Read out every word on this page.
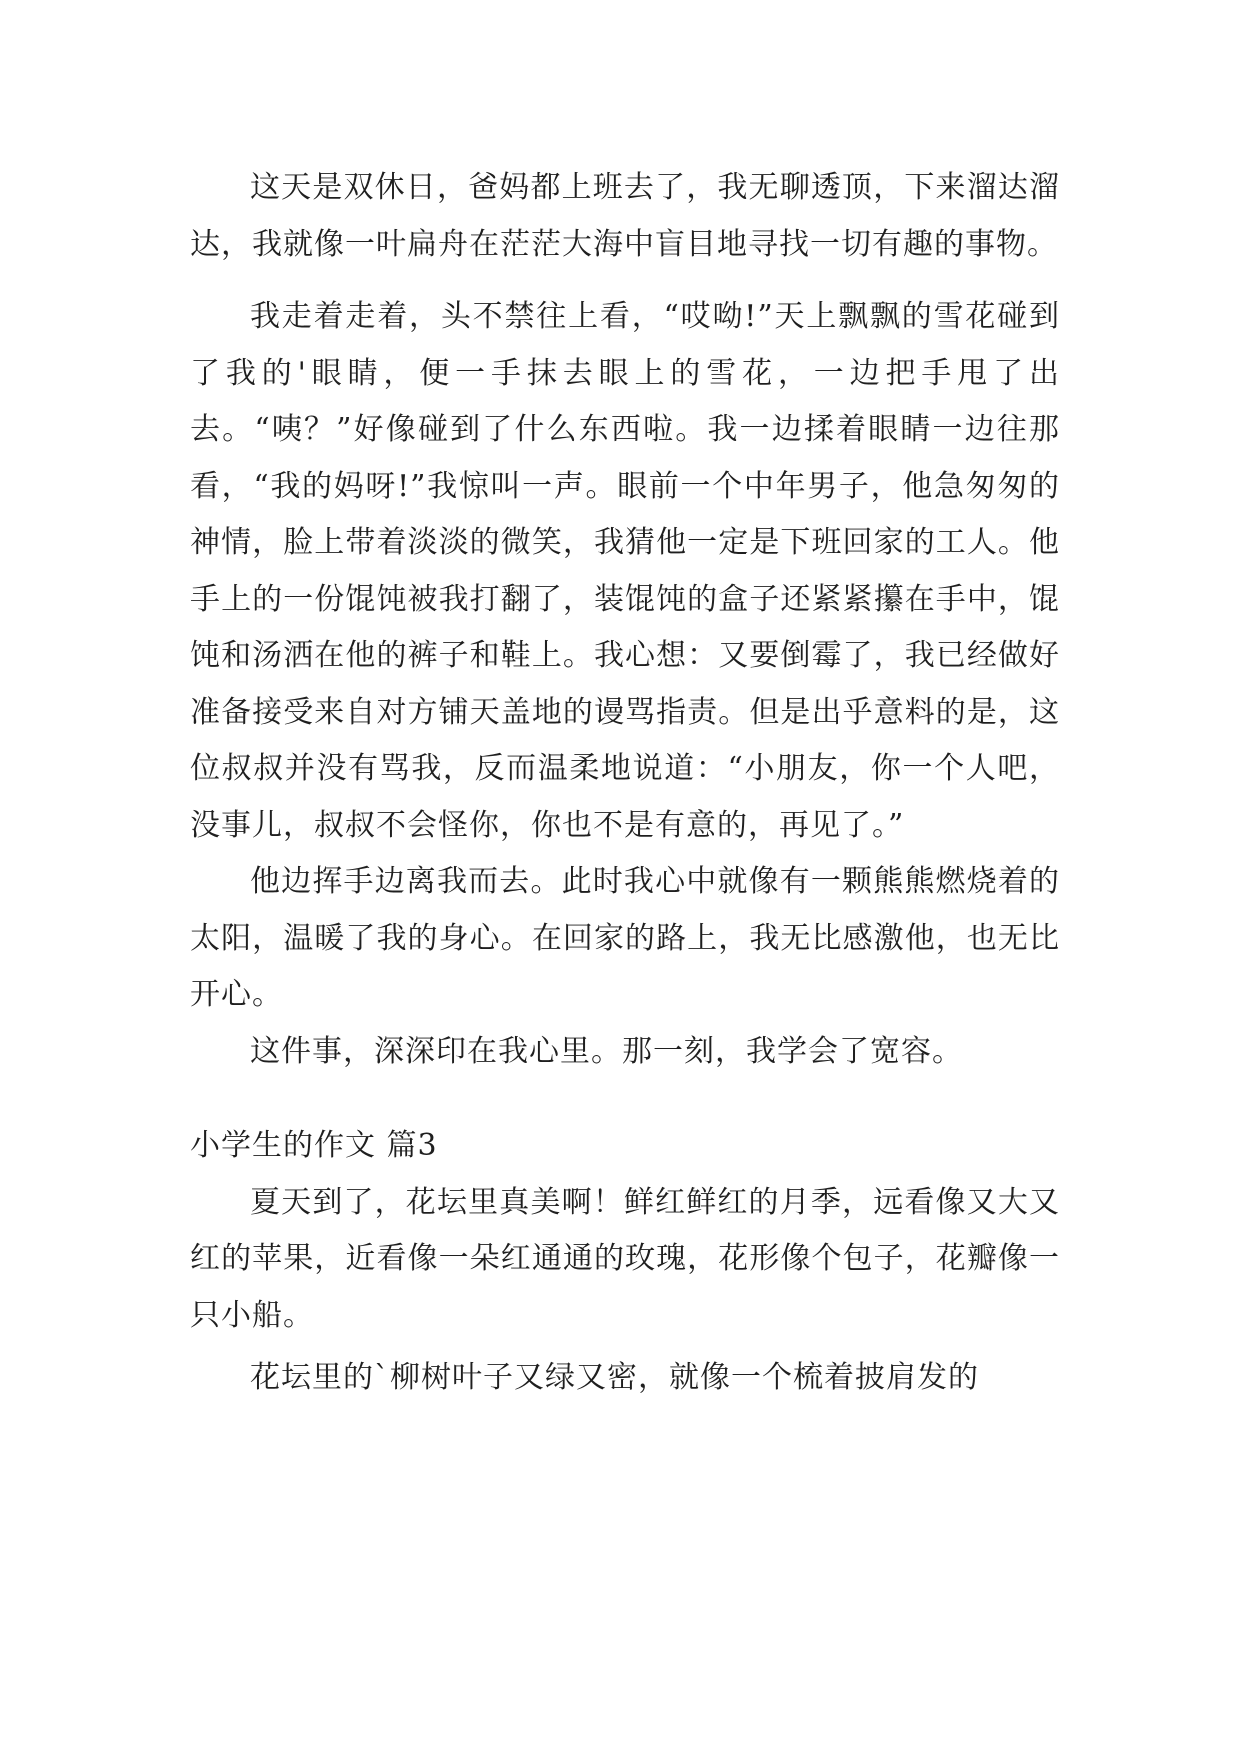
这天是双休日，爸妈都上班去了，我无聊透顶，下来溜达溜达，我就像一叶扁舟在茫茫大海中盲目地寻找一切有趣的事物。

我走着走着，头不禁往上看，“哎呦!”天上飘飘的雪花碰到了我的'眼睛，便一手抹去眼上的雪花，一边把手甩了出去。“咦？”好像碰到了什么东西啦。我一边揉着眼睛一边往那看，“我的妈呀!”我惊叫一声。眼前一个中年男子，他急匆匆的神情，脸上带着淡淡的微笑，我猜他一定是下班回家的工人。他手上的一份馄饨被我打翻了，装馄饨的盒子还紧紧攥在手中，馄饨和汤洒在他的裤子和鞋上。我心想：又要倒霉了，我已经做好准备接受来自对方铺天盖地的谩骂指责。但是出乎意料的是，这位叔叔并没有骂我，反而温柔地说道：“小朋友，你一个人吧，没事儿，叔叔不会怪你，你也不是有意的，再见了。”

他边挥手边离我而去。此时我心中就像有一颗熊熊燃烧着的太阳，温暖了我的身心。在回家的路上，我无比感激他，也无比开心。

这件事，深深印在我心里。那一刻，我学会了宽容。

小学生的作文 篇3

夏天到了，花坛里真美啊！鲜红鲜红的月季，远看像又大又红的苹果，近看像一朵红通通的玫瑰，花形像个包子，花瓣像一只小船。

花坛里的`柳树叶子又绿又密，就像一个梳着披肩发的
